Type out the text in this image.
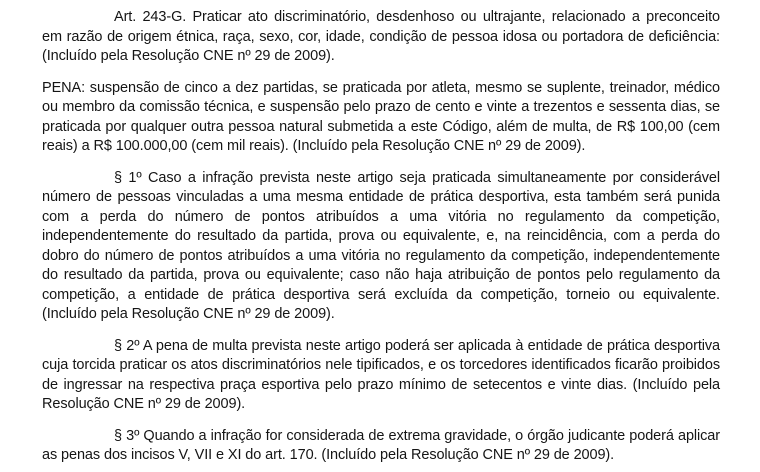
Art. 243-G. Praticar ato discriminatório, desdenhoso ou ultrajante, relacionado a preconceito em razão de origem étnica, raça, sexo, cor, idade, condição de pessoa idosa ou portadora de deficiência: (Incluído pela Resolução CNE nº 29 de 2009).

PENA: suspensão de cinco a dez partidas, se praticada por atleta, mesmo se suplente, treinador, médico ou membro da comissão técnica, e suspensão pelo prazo de cento e vinte a trezentos e sessenta dias, se praticada por qualquer outra pessoa natural submetida a este Código, além de multa, de R$ 100,00 (cem reais) a R$ 100.000,00 (cem mil reais). (Incluído pela Resolução CNE nº 29 de 2009).

§ 1º Caso a infração prevista neste artigo seja praticada simultaneamente por considerável número de pessoas vinculadas a uma mesma entidade de prática desportiva, esta também será punida com a perda do número de pontos atribuídos a uma vitória no regulamento da competição, independentemente do resultado da partida, prova ou equivalente, e, na reincidência, com a perda do dobro do número de pontos atribuídos a uma vitória no regulamento da competição, independentemente do resultado da partida, prova ou equivalente; caso não haja atribuição de pontos pelo regulamento da competição, a entidade de prática desportiva será excluída da competição, torneio ou equivalente. (Incluído pela Resolução CNE nº 29 de 2009).

§ 2º A pena de multa prevista neste artigo poderá ser aplicada à entidade de prática desportiva cuja torcida praticar os atos discriminatórios nele tipificados, e os torcedores identificados ficarão proibidos de ingressar na respectiva praça esportiva pelo prazo mínimo de setecentos e vinte dias. (Incluído pela Resolução CNE nº 29 de 2009).

§ 3º Quando a infração for considerada de extrema gravidade, o órgão judicante poderá aplicar as penas dos incisos V, VII e XI do art. 170. (Incluído pela Resolução CNE nº 29 de 2009).
